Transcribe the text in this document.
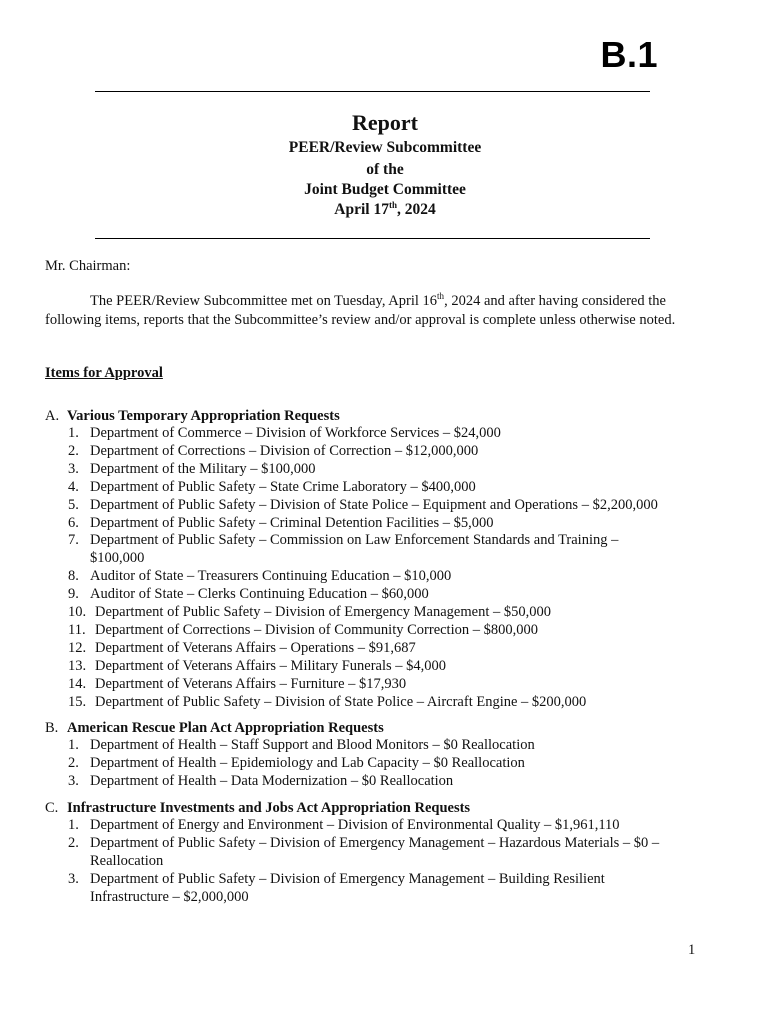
B.1
Report
PEER/Review Subcommittee
of the
Joint Budget Committee
April 17th, 2024
Mr. Chairman:
The PEER/Review Subcommittee met on Tuesday, April 16th, 2024 and after having considered the following items, reports that the Subcommittee’s review and/or approval is complete unless otherwise noted.
Items for Approval
A. Various Temporary Appropriation Requests
1. Department of Commerce – Division of Workforce Services – $24,000
2. Department of Corrections – Division of Correction – $12,000,000
3. Department of the Military – $100,000
4. Department of Public Safety – State Crime Laboratory – $400,000
5. Department of Public Safety – Division of State Police – Equipment and Operations – $2,200,000
6. Department of Public Safety – Criminal Detention Facilities – $5,000
7. Department of Public Safety – Commission on Law Enforcement Standards and Training – $100,000
8. Auditor of State – Treasurers Continuing Education – $10,000
9. Auditor of State – Clerks Continuing Education – $60,000
10. Department of Public Safety – Division of Emergency Management – $50,000
11. Department of Corrections – Division of Community Correction – $800,000
12. Department of Veterans Affairs – Operations – $91,687
13. Department of Veterans Affairs – Military Funerals – $4,000
14. Department of Veterans Affairs – Furniture – $17,930
15. Department of Public Safety – Division of State Police – Aircraft Engine – $200,000
B. American Rescue Plan Act Appropriation Requests
1. Department of Health – Staff Support and Blood Monitors – $0 Reallocation
2. Department of Health – Epidemiology and Lab Capacity – $0 Reallocation
3. Department of Health – Data Modernization – $0 Reallocation
C. Infrastructure Investments and Jobs Act Appropriation Requests
1. Department of Energy and Environment – Division of Environmental Quality – $1,961,110
2. Department of Public Safety – Division of Emergency Management – Hazardous Materials – $0 – Reallocation
3. Department of Public Safety – Division of Emergency Management – Building Resilient Infrastructure – $2,000,000
1
